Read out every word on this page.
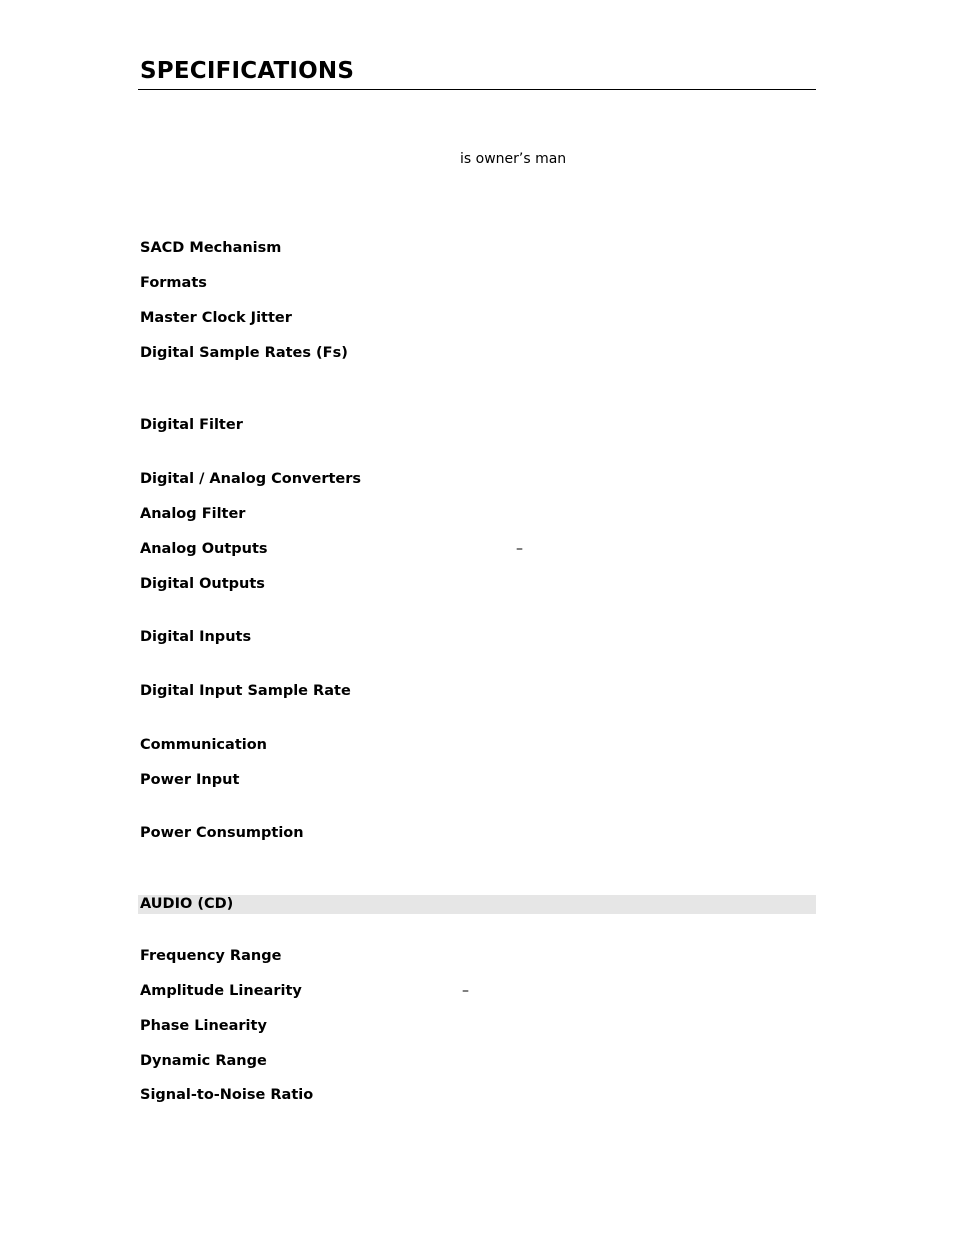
SPECIFICATIONS
is owner’s man
SACD Mechanism
Formats
Master Clock Jitter
Digital Sample Rates (Fs)
Digital Filter
Digital / Analog Converters
Analog Filter
Analog Outputs	–
Digital Outputs
Digital Inputs
Digital Input Sample Rate
Communication
Power Input
Power Consumption
AUDIO (CD)
Frequency Range
Amplitude Linearity	–
Phase Linearity
Dynamic Range
Signal-to-Noise Ratio
